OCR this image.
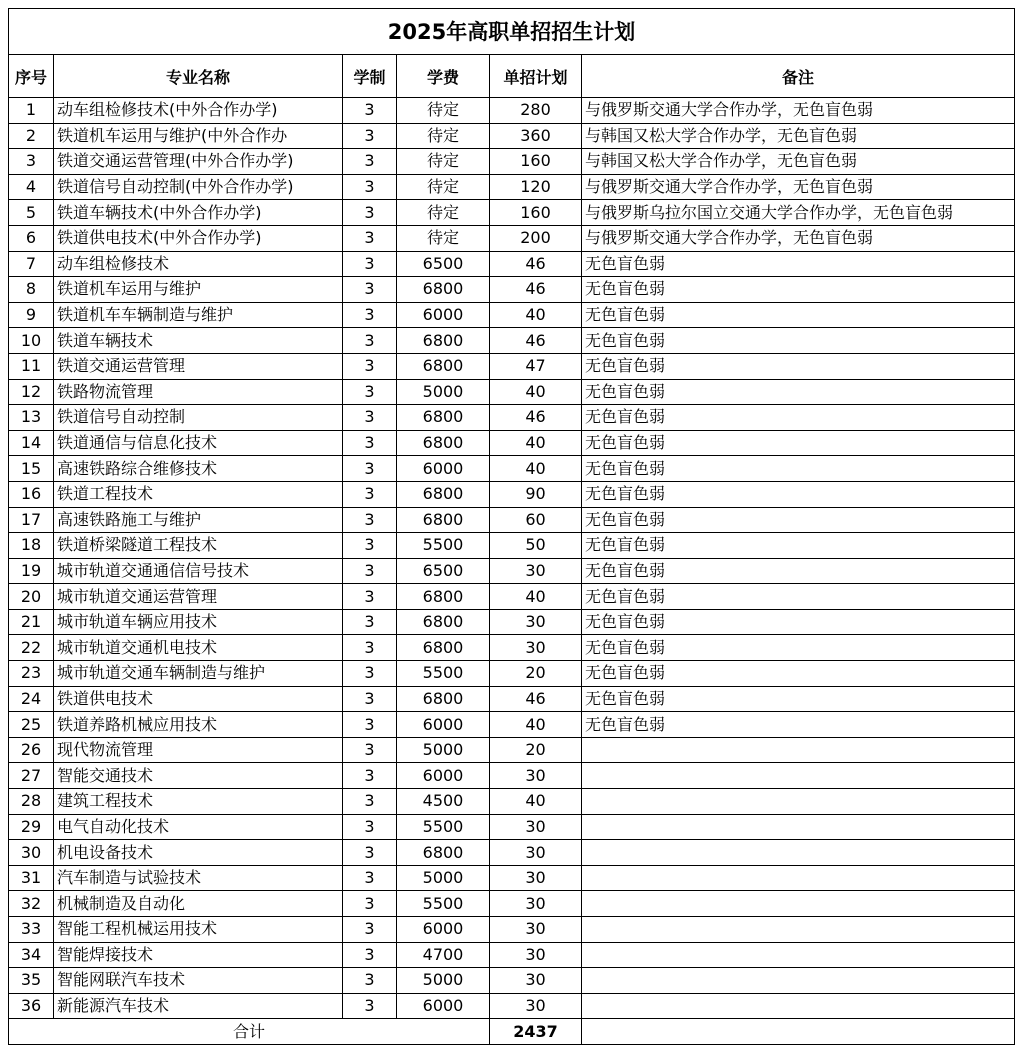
2025年高职单招招生计划					
序号	专业名称	学制	学费	单招计划	备注
1	动车组检修技术(中外合作办学)	3	待定	280	与俄罗斯交通大学合作办学，无色盲色弱
2	铁道机车运用与维护(中外合作办	3	待定	360	与韩国又松大学合作办学，无色盲色弱
3	铁道交通运营管理(中外合作办学)	3	待定	160	与韩国又松大学合作办学，无色盲色弱
4	铁道信号自动控制(中外合作办学)	3	待定	120	与俄罗斯交通大学合作办学，无色盲色弱
5	铁道车辆技术(中外合作办学)	3	待定	160	与俄罗斯乌拉尔国立交通大学合作办学，无色盲色弱
6	铁道供电技术(中外合作办学)	3	待定	200	与俄罗斯交通大学合作办学，无色盲色弱
7	动车组检修技术	3	6500	46	无色盲色弱
8	铁道机车运用与维护	3	6800	46	无色盲色弱
9	铁道机车车辆制造与维护	3	6000	40	无色盲色弱
10	铁道车辆技术	3	6800	46	无色盲色弱
11	铁道交通运营管理	3	6800	47	无色盲色弱
12	铁路物流管理	3	5000	40	无色盲色弱
13	铁道信号自动控制	3	6800	46	无色盲色弱
14	铁道通信与信息化技术	3	6800	40	无色盲色弱
15	高速铁路综合维修技术	3	6000	40	无色盲色弱
16	铁道工程技术	3	6800	90	无色盲色弱
17	高速铁路施工与维护	3	6800	60	无色盲色弱
18	铁道桥梁隧道工程技术	3	5500	50	无色盲色弱
19	城市轨道交通通信信号技术	3	6500	30	无色盲色弱
20	城市轨道交通运营管理	3	6800	40	无色盲色弱
21	城市轨道车辆应用技术	3	6800	30	无色盲色弱
22	城市轨道交通机电技术	3	6800	30	无色盲色弱
23	城市轨道交通车辆制造与维护	3	5500	20	无色盲色弱
24	铁道供电技术	3	6800	46	无色盲色弱
25	铁道养路机械应用技术	3	6000	40	无色盲色弱
26	现代物流管理	3	5000	20	
27	智能交通技术	3	6000	30	
28	建筑工程技术	3	4500	40	
29	电气自动化技术	3	5500	30	
30	机电设备技术	3	6800	30	
31	汽车制造与试验技术	3	5000	30	
32	机械制造及自动化	3	5500	30	
33	智能工程机械运用技术	3	6000	30	
34	智能焊接技术	3	4700	30	
35	智能网联汽车技术	3	5000	30	
36	新能源汽车技术	3	6000	30	
合计				2437	
